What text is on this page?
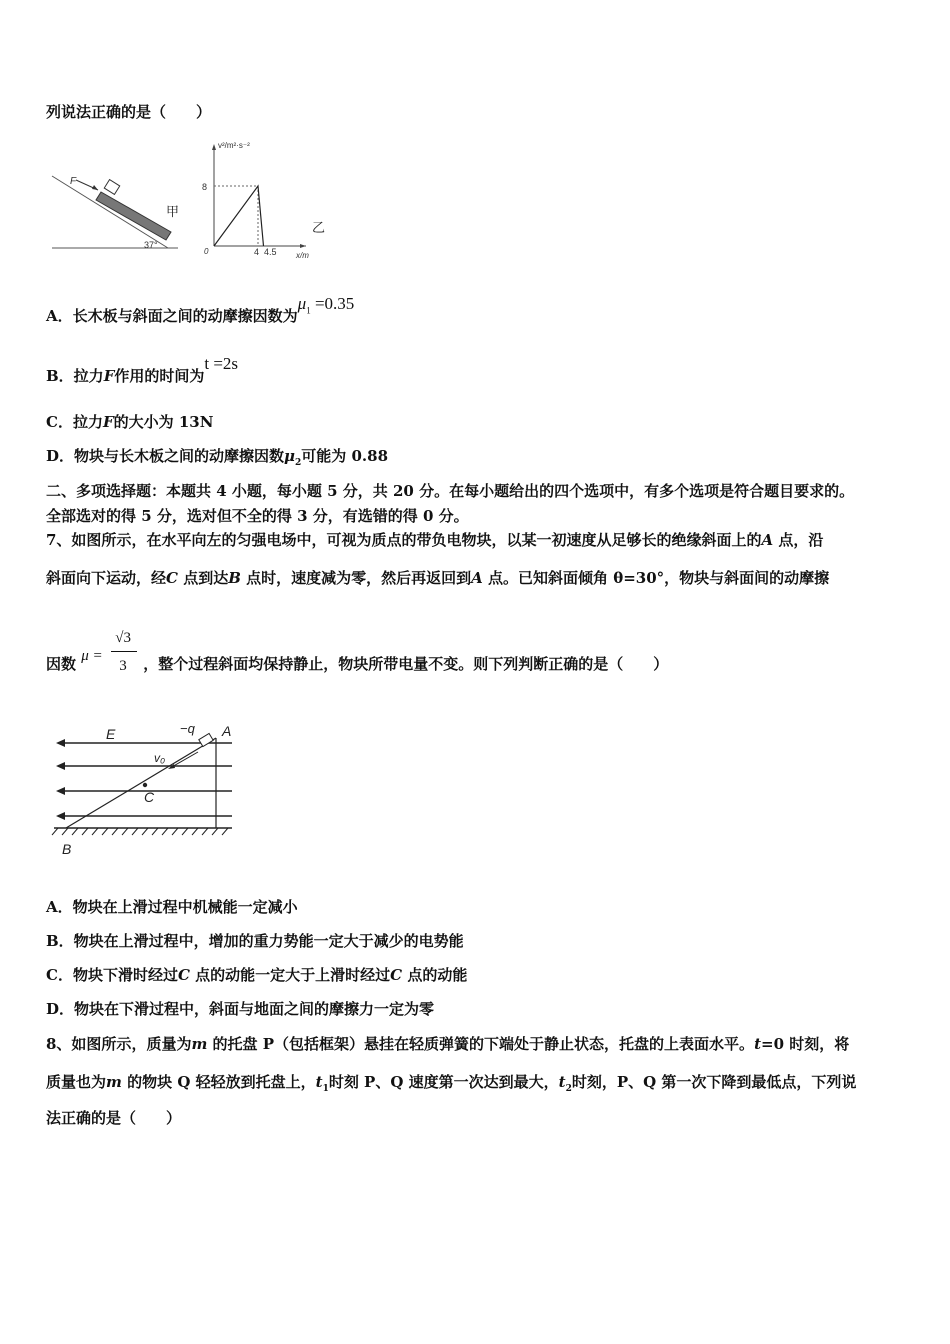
列说法正确的是（　　）
F
37°
甲
v²/m²·s⁻²
8
0	4 4.5 x/m
乙
A．长木板与斜面之间的动摩擦因数为$\mu_1 =0.35$
B．拉力F作用的时间为t =2s
C．拉力F的大小为 13N
D．物块与长木板之间的动摩擦因数$\mu_2$可能为 0.88
二、多项选择题：本题共 4 小题，每小题 5 分，共 20 分。在每小题给出的四个选项中，有多个选项是符合题目要求的。
全部选对的得 5 分，选对但不全的得 3 分，有选错的得 0 分。
7、如图所示，在水平向左的匀强电场中，可视为质点的带负电物块，以某一初速度从足够长的绝缘斜面上的A 点，沿
斜面向下运动，经C 点到达B 点时，速度减为零，然后再返回到A 点。已知斜面倾角 θ=30°，物块与斜面间的动摩擦
因数 μ =
√3
3 ，整个过程斜面均保持静止，物块所带电量不变。则下列判断正确的是（　　）
E	−q A
v₀
C
B
A．物块在上滑过程中机械能一定减小
B．物块在上滑过程中，增加的重力势能一定大于减少的电势能
C．物块下滑时经过C 点的动能一定大于上滑时经过C 点的动能
D．物块在下滑过程中，斜面与地面之间的摩擦力一定为零
8、如图所示，质量为m 的托盘 P（包括框架）悬挂在轻质弹簧的下端处于静止状态，托盘的上表面水平。t=0 时刻，将
质量也为m 的物块 Q 轻轻放到托盘上，$t_1$时刻 P、Q 速度第一次达到最大，$t_2$时刻，P、Q 第一次下降到最低点，下列说
法正确的是（　　）
